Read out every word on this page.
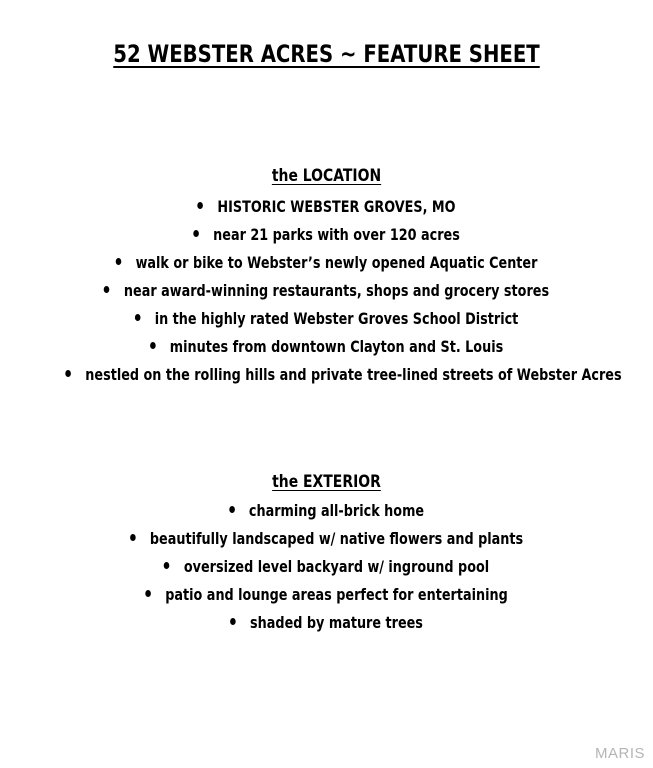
52 WEBSTER ACRES ~ FEATURE SHEET
the LOCATION
HISTORIC WEBSTER GROVES, MO
near 21 parks with over 120 acres
walk or bike to Webster’s newly opened Aquatic Center
near award-winning restaurants, shops and grocery stores
in the highly rated Webster Groves School District
minutes from downtown Clayton and St. Louis
nestled on the rolling hills and private tree-lined streets of Webster Acres
the EXTERIOR
charming all-brick home
beautifully landscaped w/ native flowers and plants
oversized level backyard w/ inground pool
patio and lounge areas perfect for entertaining
shaded by mature trees
MARIS
